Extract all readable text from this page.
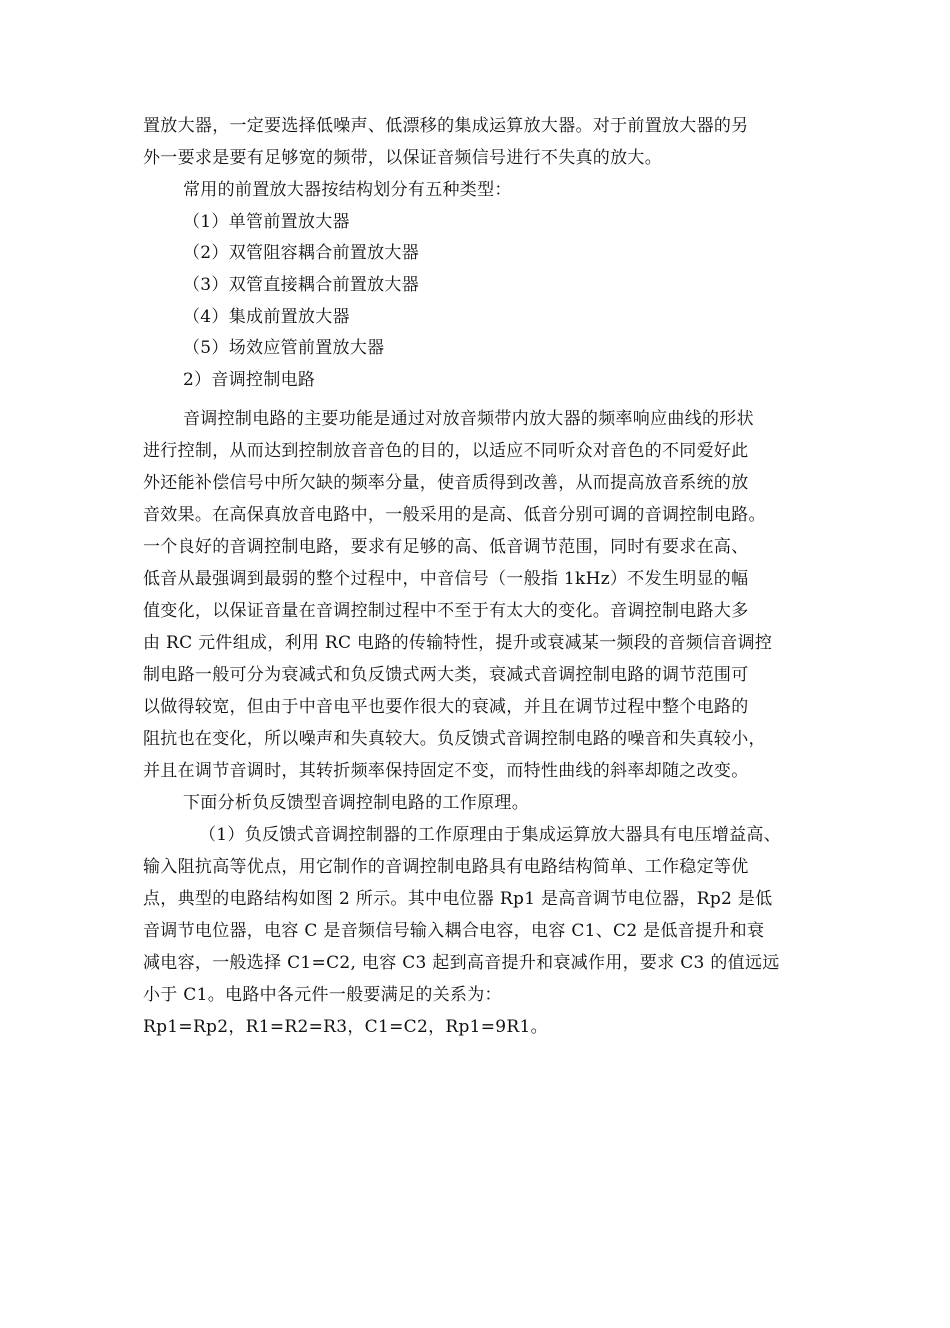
置放大器，一定要选择低噪声、低漂移的集成运算放大器。对于前置放大器的另
外一要求是要有足够宽的频带，以保证音频信号进行不失真的放大。
常用的前置放大器按结构划分有五种类型：
（1）单管前置放大器
（2）双管阻容耦合前置放大器
（3）双管直接耦合前置放大器
（4）集成前置放大器
（5）场效应管前置放大器
2）音调控制电路
音调控制电路的主要功能是通过对放音频带内放大器的频率响应曲线的形状
进行控制，从而达到控制放音音色的目的，以适应不同听众对音色的不同爱好此
外还能补偿信号中所欠缺的频率分量，使音质得到改善，从而提高放音系统的放
音效果。在高保真放音电路中，一般采用的是高、低音分别可调的音调控制电路。
一个良好的音调控制电路，要求有足够的高、低音调节范围，同时有要求在高、
低音从最强调到最弱的整个过程中，中音信号（一般指 1kHz）不发生明显的幅
值变化，以保证音量在音调控制过程中不至于有太大的变化。音调控制电路大多
由 RC 元件组成，利用 RC 电路的传输特性，提升或衰减某一频段的音频信音调控
制电路一般可分为衰减式和负反馈式两大类，衰减式音调控制电路的调节范围可
以做得较宽，但由于中音电平也要作很大的衰减，并且在调节过程中整个电路的
阻抗也在变化，所以噪声和失真较大。负反馈式音调控制电路的噪音和失真较小，
并且在调节音调时，其转折频率保持固定不变，而特性曲线的斜率却随之改变。
下面分析负反馈型音调控制电路的工作原理。
（1）负反馈式音调控制器的工作原理由于集成运算放大器具有电压增益高、
输入阻抗高等优点，用它制作的音调控制电路具有电路结构简单、工作稳定等优
点，典型的电路结构如图 2 所示。其中电位器 Rp1 是高音调节电位器，Rp2 是低
音调节电位器，电容 C 是音频信号输入耦合电容，电容 C1、C2 是低音提升和衰
减电容，一般选择 C1=C2, 电容 C3 起到高音提升和衰减作用，要求 C3 的值远远
小于 C1。电路中各元件一般要满足的关系为：
Rp1=Rp2，R1=R2=R3，C1=C2，Rp1=9R1。
